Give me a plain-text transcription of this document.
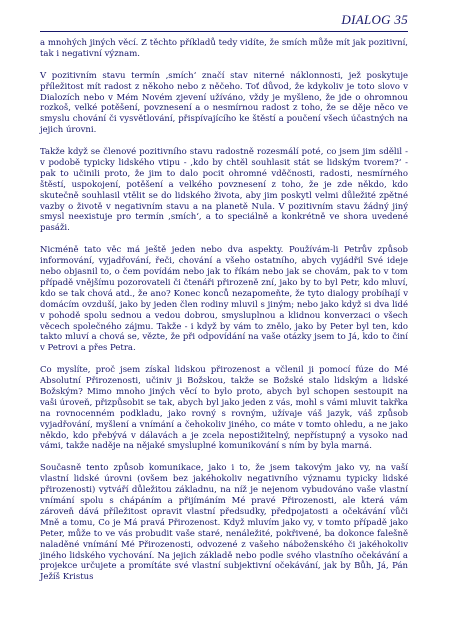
DIALOG 35

a mnohých jiných věcí. Z těchto příkladů tedy vidíte, že smích může mít jak pozitivní, tak i negativní význam.

V pozitivním stavu termín ‚smích‘ značí stav niterné náklonnosti, jež poskytuje příležitost mít radost z někoho nebo z něčeho. Toť důvod, že kdykoliv je toto slovo v Dialozích nebo v Mém Novém zjevení užíváno, vždy je myšleno, že jde o ohromnou rozkoš, velké potěšení, povznesení a o nesmírnou radost z toho, že se děje něco ve smyslu chování či vysvětlování, přispívajícího ke štěstí a poučení všech účastných na jejich úrovni.

Takže když se členové pozitivního stavu radostně rozesmálí poté, co jsem jim sdělil - v podobě typicky lidského vtipu - ‚kdo by chtěl souhlasit stát se lidským tvorem?‘ - pak to učinili proto, že jim to dalo pocit ohromné vděčnosti, radosti, nesmírného štěstí, uspokojení, potěšení a velkého povznesení z toho, že je zde někdo, kdo skutečně souhlasil vtělit se do lidského života, aby jim poskytl velmi důležité zpětné vazby o životě v negativním stavu a na planetě Nula. V pozitivním stavu žádný jiný smysl neexistuje pro termín ‚smích‘, a to speciálně a konkrétně ve shora uvedené pasáži.

Nicméně tato věc má ještě jeden nebo dva aspekty. Používám-li Petrův způsob informování, vyjadřování, řeči, chování a všeho ostatního, abych vyjádřil Své ideje nebo objasnil to, o čem povídám nebo jak to říkám nebo jak se chovám, pak to v tom případě vnějšímu pozorovateli či čtenáři přirozeně zní, jako by to byl Petr, kdo mluví, kdo se tak chová atd., že ano? Konec konců nezapomeňte, že tyto dialogy probíhají v domácím ovzduší, jako by jeden člen rodiny mluvil s jiným; nebo jako když si dva lidé v pohodě spolu sednou a vedou dobrou, smysluplnou a klidnou konverzaci o všech věcech společného zájmu. Takže - i když by vám to znělo, jako by Peter byl ten, kdo takto mluví a chová se, vězte, že při odpovídání na vaše otázky jsem to Já, kdo to činí v Petrovi a přes Petra.

Co myslíte, proč jsem získal lidskou přirozenost a včlenil ji pomocí fúze do Mé Absolutní Přirozenosti, učiniv ji Božskou, takže se Božské stalo lidským a lidské Božským? Mimo mnoho jiných věcí to bylo proto, abych byl schopen sestoupit na vaši úroveň, přizpůsobit se tak, abych byl jako jeden z vás, mohl s vámi mluvit takřka na rovnocenném podkladu, jako rovný s rovným, užívaje váš jazyk, váš způsob vyjadřování, myšlení a vnímání a čehokoliv jiného, co máte v tomto ohledu, a ne jako někdo, kdo přebývá v dálavách a je zcela nepostižitelný, nepřístupný a vysoko nad vámi, takže naděje na nějaké smysluplné komunikování s ním by byla marná.

Současně tento způsob komunikace, jako i to, že jsem takovým jako vy, na vaší vlastní lidské úrovni (ovšem bez jakéhokoliv negativního významu typicky lidské přirozenosti) vytváří důležitou základnu, na níž je nejenom vybudováno vaše vlastní vnímání spolu s chápáním a přijímáním Mé pravé Přirozenosti, ale která vám zároveň dává příležitost opravit vlastní předsudky, předpojatosti a očekávání vůči Mně a tomu, Co je Má pravá Přirozenost. Když mluvím jako vy, v tomto případě jako Peter, může to ve vás probudit vaše staré, nenáležité, pokřivené, ba dokonce falešně naladěné vnímání Mé Přirozenosti, odvozené z vašeho náboženského či jakéhokoliv jiného lidského vychování. Na jejich základě nebo podle svého vlastního očekávání a projekce určujete a promítáte své vlastní subjektivní očekávání, jak by Bůh, Já, Pán Ježíš Kristus
